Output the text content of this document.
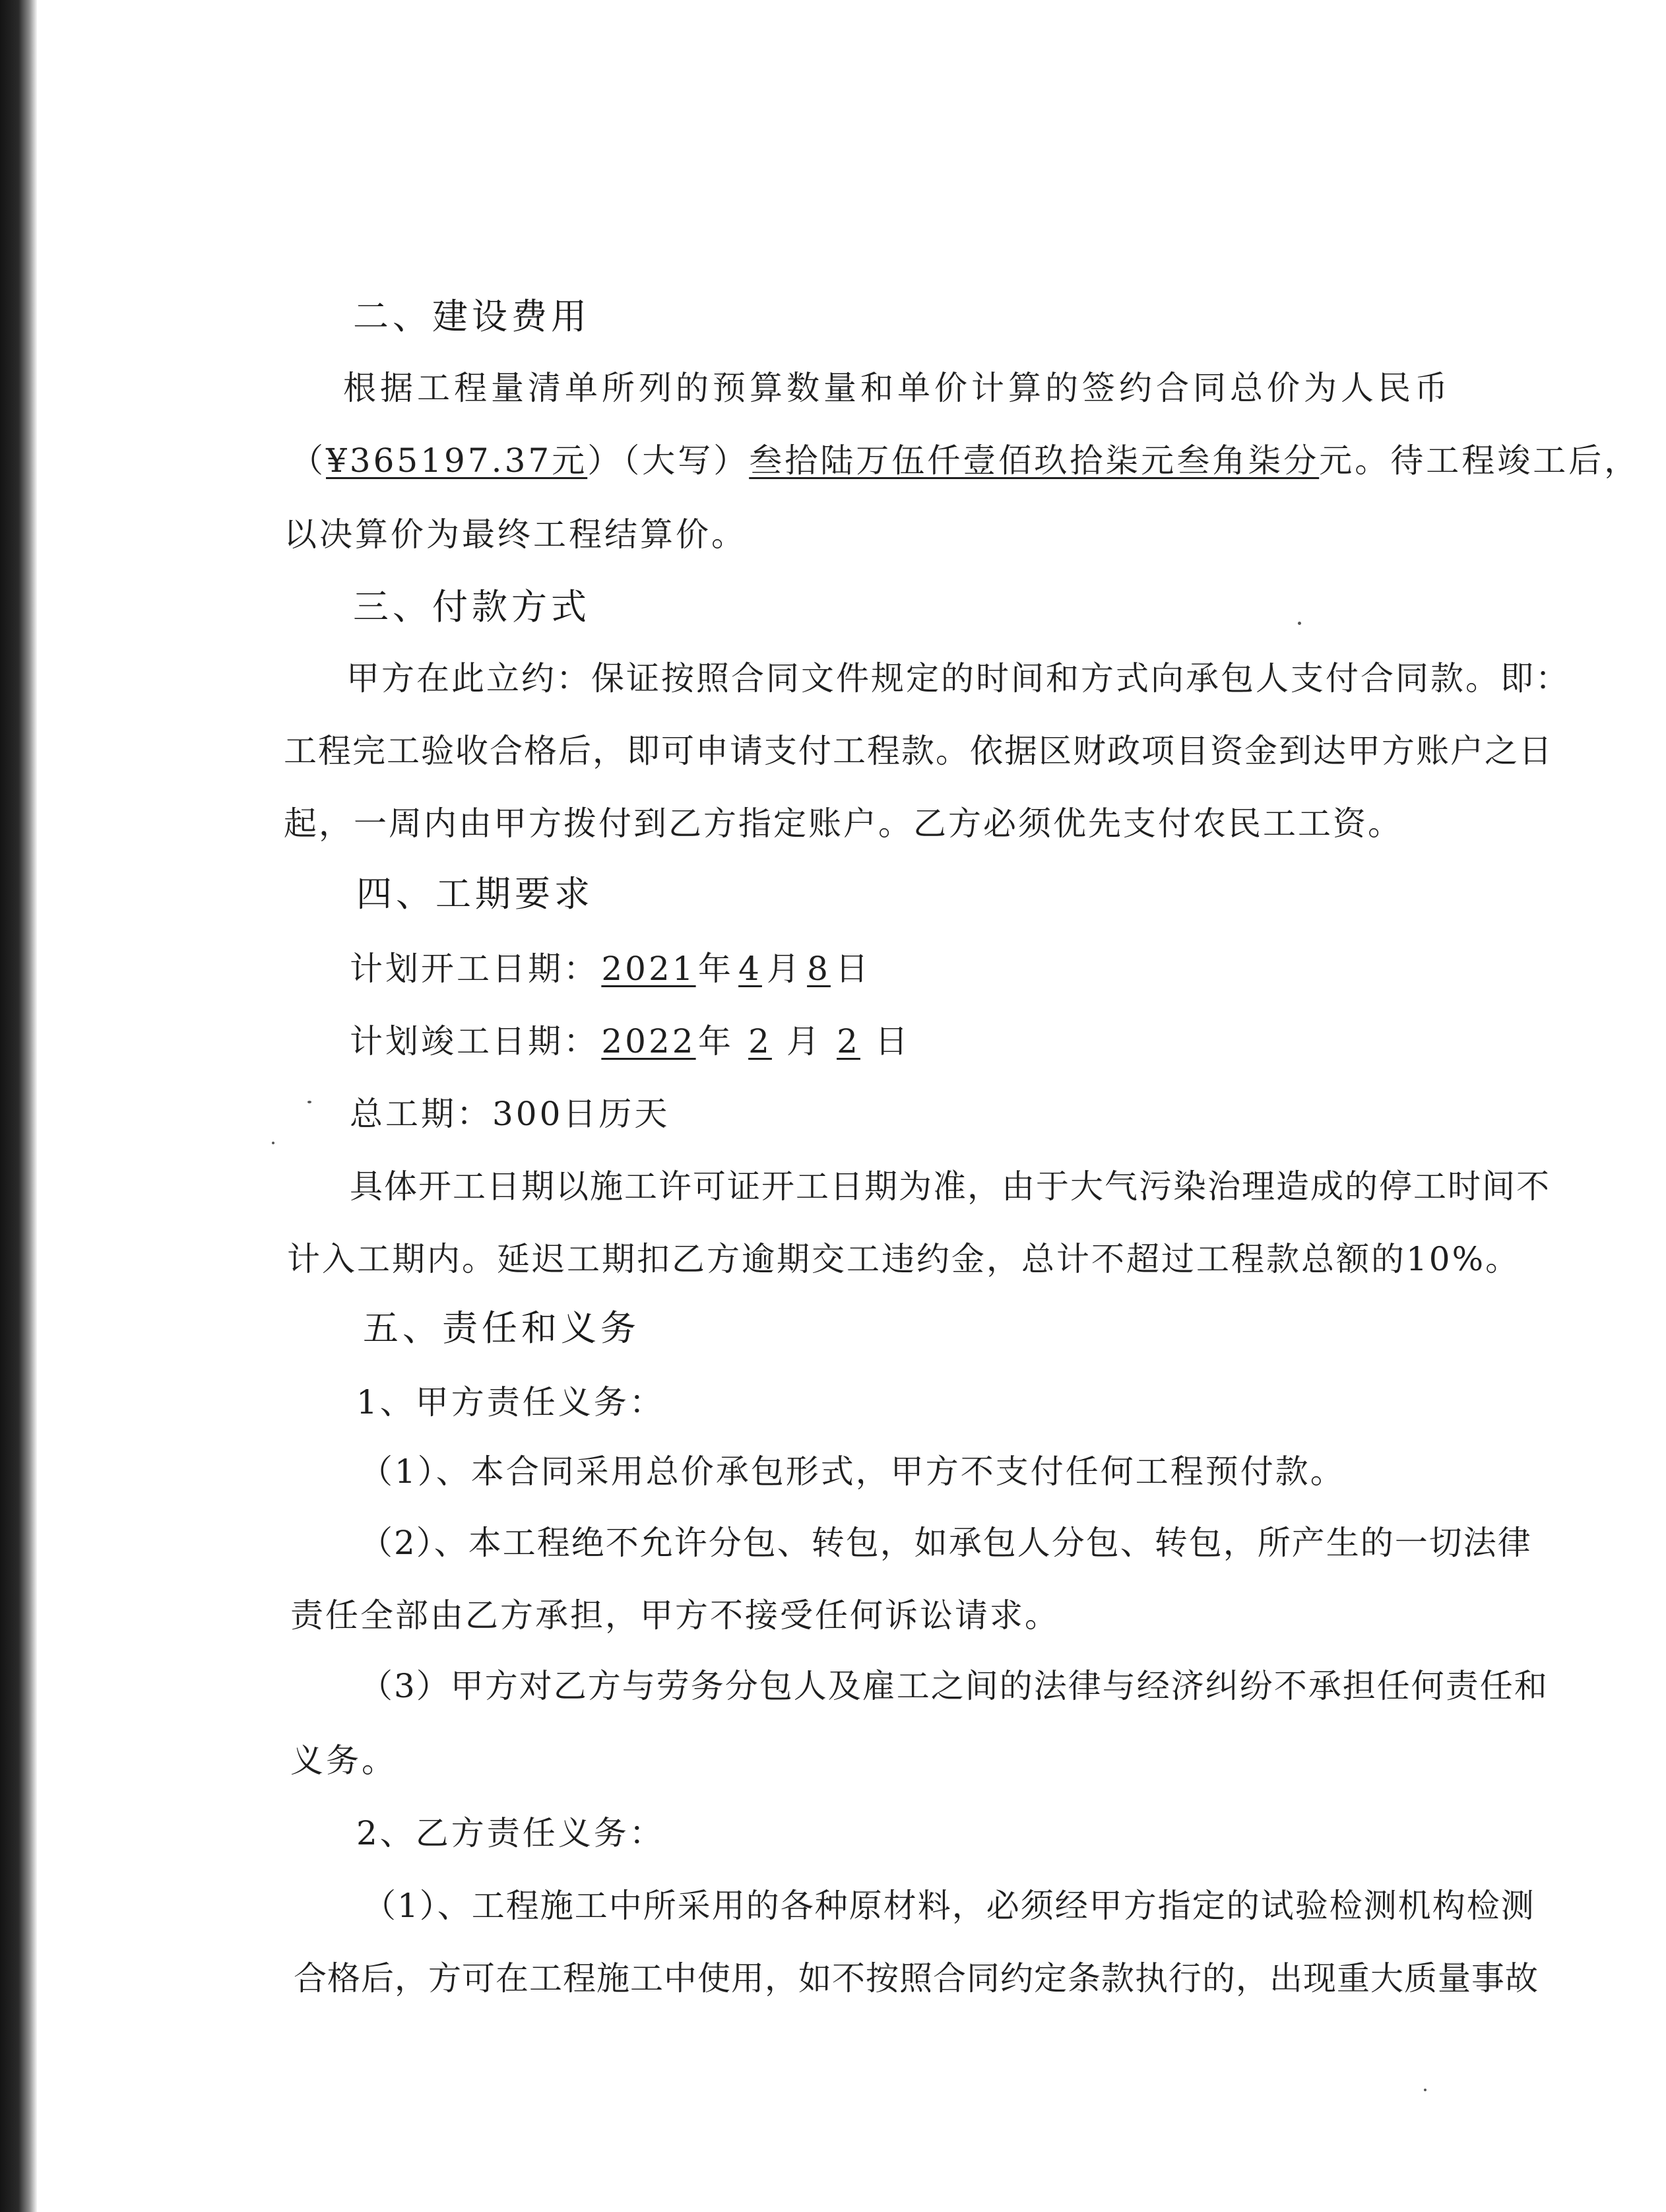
二、建设费用
根据工程量清单所列的预算数量和单价计算的签约合同总价为人民币
（¥365197.37元）（大写）叁拾陆万伍仟壹佰玖拾柒元叁角柒分元。待工程竣工后，
以决算价为最终工程结算价。
三、付款方式
甲方在此立约：保证按照合同文件规定的时间和方式向承包人支付合同款。即：
工程完工验收合格后，即可申请支付工程款。依据区财政项目资金到达甲方账户之日
起，一周内由甲方拨付到乙方指定账户。乙方必须优先支付农民工工资。
四、工期要求
计划开工日期：2021年 4 月 8 日
计划竣工日期：2022年 2 月 2 日
总工期：300日历天
具体开工日期以施工许可证开工日期为准，由于大气污染治理造成的停工时间不
计入工期内。延迟工期扣乙方逾期交工违约金，总计不超过工程款总额的10%。
五、责任和义务
1、甲方责任义务：
（1）、本合同采用总价承包形式，甲方不支付任何工程预付款。
（2）、本工程绝不允许分包、转包，如承包人分包、转包，所产生的一切法律
责任全部由乙方承担，甲方不接受任何诉讼请求。
（3）甲方对乙方与劳务分包人及雇工之间的法律与经济纠纷不承担任何责任和
义务。
2、乙方责任义务：
（1）、工程施工中所采用的各种原材料，必须经甲方指定的试验检测机构检测
合格后，方可在工程施工中使用，如不按照合同约定条款执行的，出现重大质量事故
